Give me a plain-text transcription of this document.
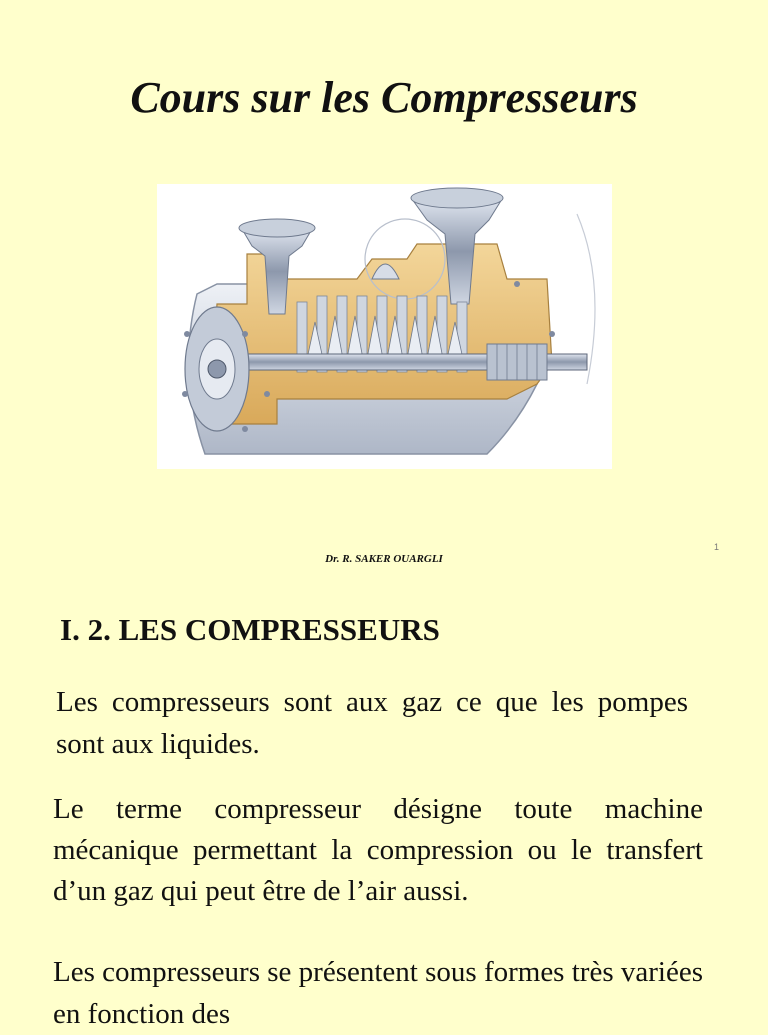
Cours sur les Compresseurs

Dr. R. SAKER OUARGLI

1

I. 2. LES COMPRESSEURS

Les compresseurs sont aux gaz ce que les pompes sont aux liquides.

Le terme compresseur désigne toute machine mécanique permettant la compression ou le transfert d’un gaz qui peut être de l’air aussi.

Les compresseurs se présentent sous formes très variées en fonction des
